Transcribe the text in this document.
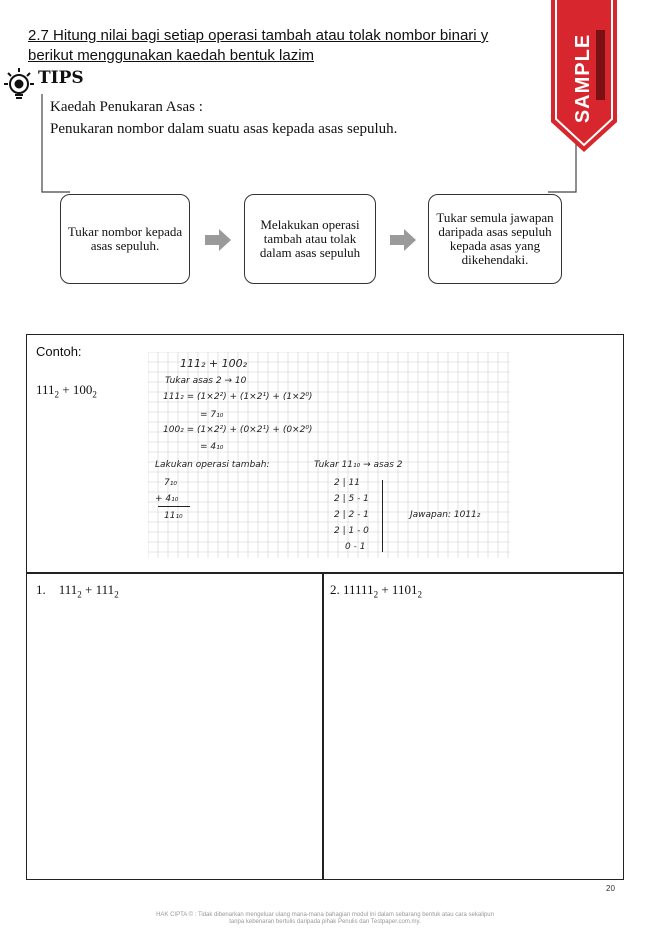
2.7 Hitung nilai bagi setiap operasi tambah atau tolak nombor binari y
berikut menggunakan kaedah bentuk lazim
TIPS
Kaedah Penukaran Asas :
Penukaran nombor dalam suatu asas kepada asas sepuluh.
Tukar nombor kepada asas sepuluh.
Melakukan operasi tambah atau tolak dalam asas sepuluh
Tukar semula jawapan daripada asas sepuluh kepada asas yang dikehendaki.
SAMPLE
Contoh:
$111_2 + 100_2$
111₂ + 100₂
Tukar asas 2 → 10
111₂ = (1×2²) + (1×2¹) + (1×2⁰)
= 7₁₀
100₂ = (1×2²) + (0×2¹) + (0×2⁰)
= 4₁₀
Lakukan operasi tambah:	Tukar 11₁₀ → asas 2
7₁₀
+ 4₁₀
11₁₀
2 | 11
2 | 5 - 1
2 | 2 - 1
2 | 1 - 0
0 - 1
Jawapan: 1011₂
1. $111_2 + 111_2$	2. $11111_2 + 1101_2$
20
HAK CIPTA © : Tidak dibenarkan mengeluar ulang mana-mana bahagian modul ini dalam sebarang bentuk atau cara sekalipun tanpa kebenaran bertulis daripada pihak Penulis dan Testpaper.com.my.
